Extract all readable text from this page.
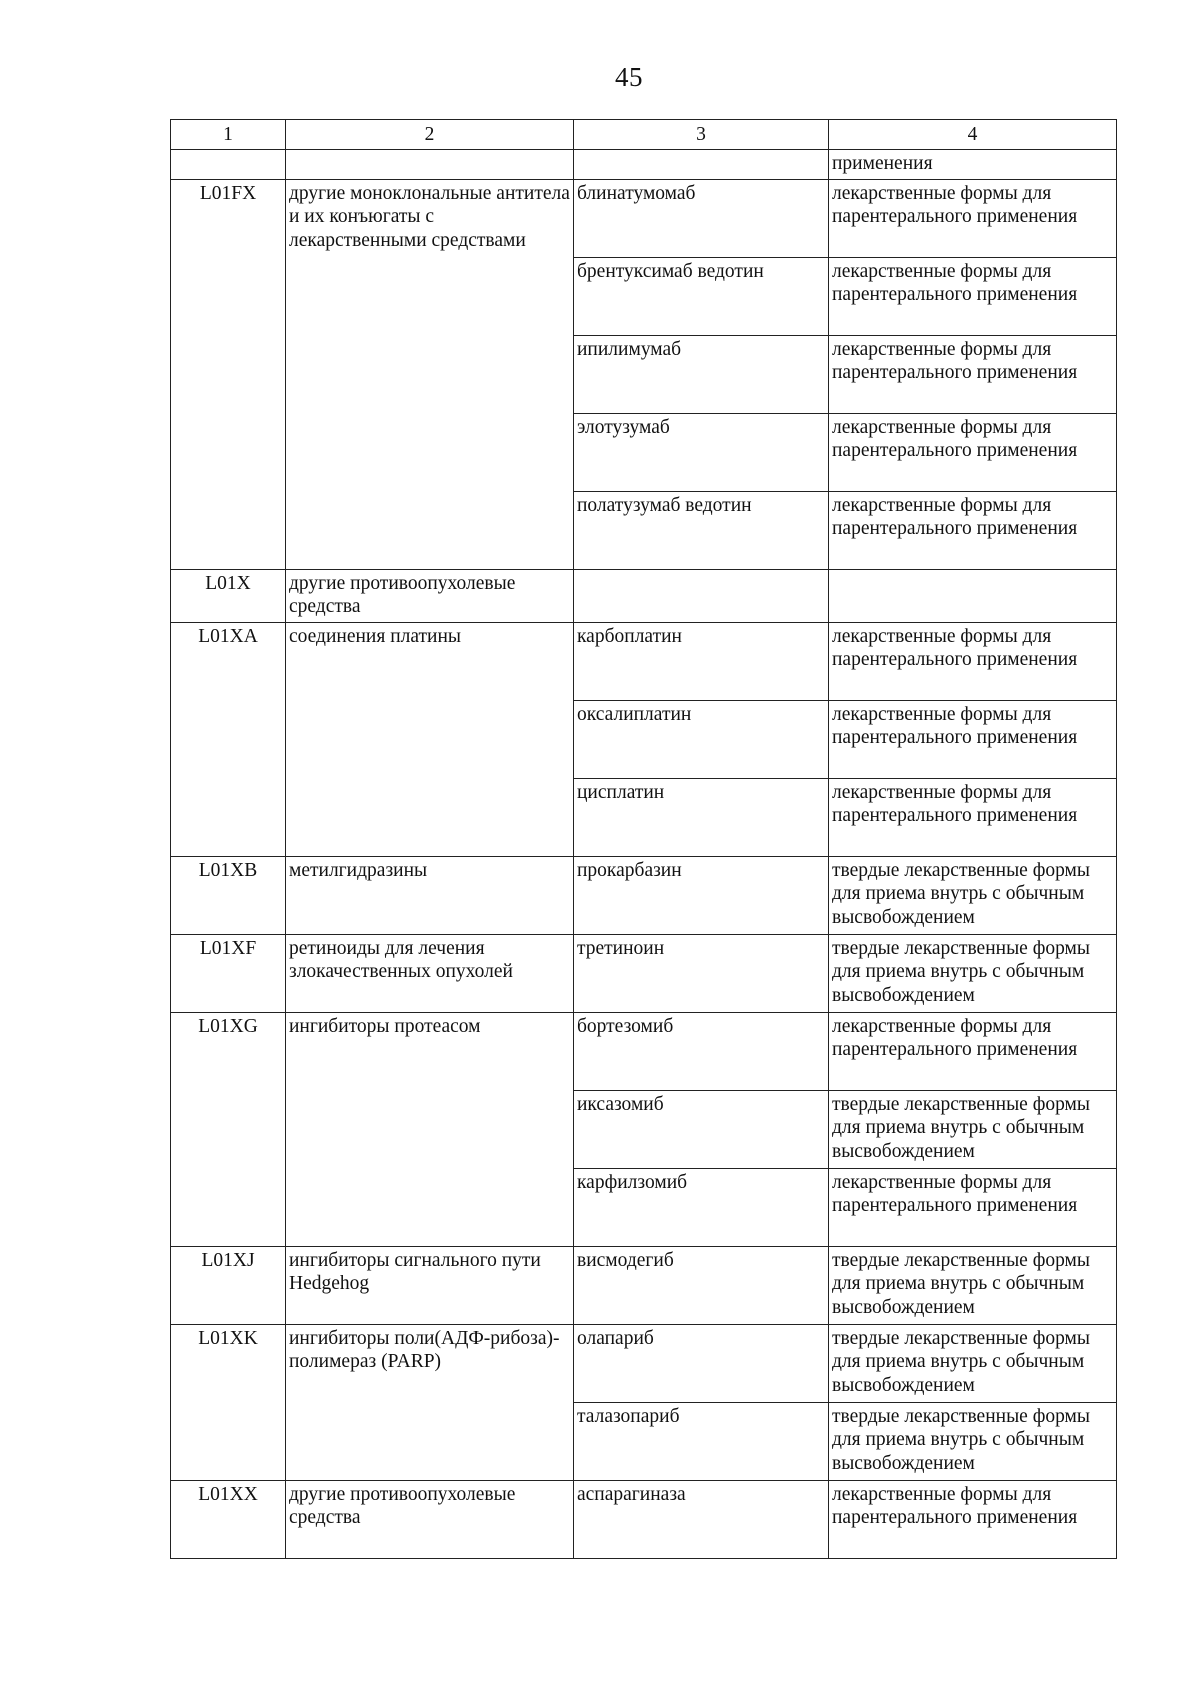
45
1	2	3	4
			применения
L01FX	другие моноклональные антитела и их конъюгаты с лекарственными средствами	блинатумомаб	лекарственные формы для парентерального применения
		брентуксимаб ведотин	лекарственные формы для парентерального применения
		ипилимумаб	лекарственные формы для парентерального применения
		элотузумаб	лекарственные формы для парентерального применения
		полатузумаб ведотин	лекарственные формы для парентерального применения
L01X	другие противоопухолевые средства		
L01XA	соединения платины	карбоплатин	лекарственные формы для парентерального применения
		оксалиплатин	лекарственные формы для парентерального применения
		цисплатин	лекарственные формы для парентерального применения
L01XB	метилгидразины	прокарбазин	твердые лекарственные формы для приема внутрь с обычным высвобождением
L01XF	ретиноиды для лечения злокачественных опухолей	третиноин	твердые лекарственные формы для приема внутрь с обычным высвобождением
L01XG	ингибиторы протеасом	бортезомиб	лекарственные формы для парентерального применения
		иксазомиб	твердые лекарственные формы для приема внутрь с обычным высвобождением
		карфилзомиб	лекарственные формы для парентерального применения
L01XJ	ингибиторы сигнального пути Hedgehog	висмодегиб	твердые лекарственные формы для приема внутрь с обычным высвобождением
L01XK	ингибиторы поли(АДФ-рибоза)-полимераз (PARP)	олапариб	твердые лекарственные формы для приема внутрь с обычным высвобождением
		талазопариб	твердые лекарственные формы для приема внутрь с обычным высвобождением
L01XX	другие противоопухолевые средства	аспарагиназа	лекарственные формы для парентерального применения
